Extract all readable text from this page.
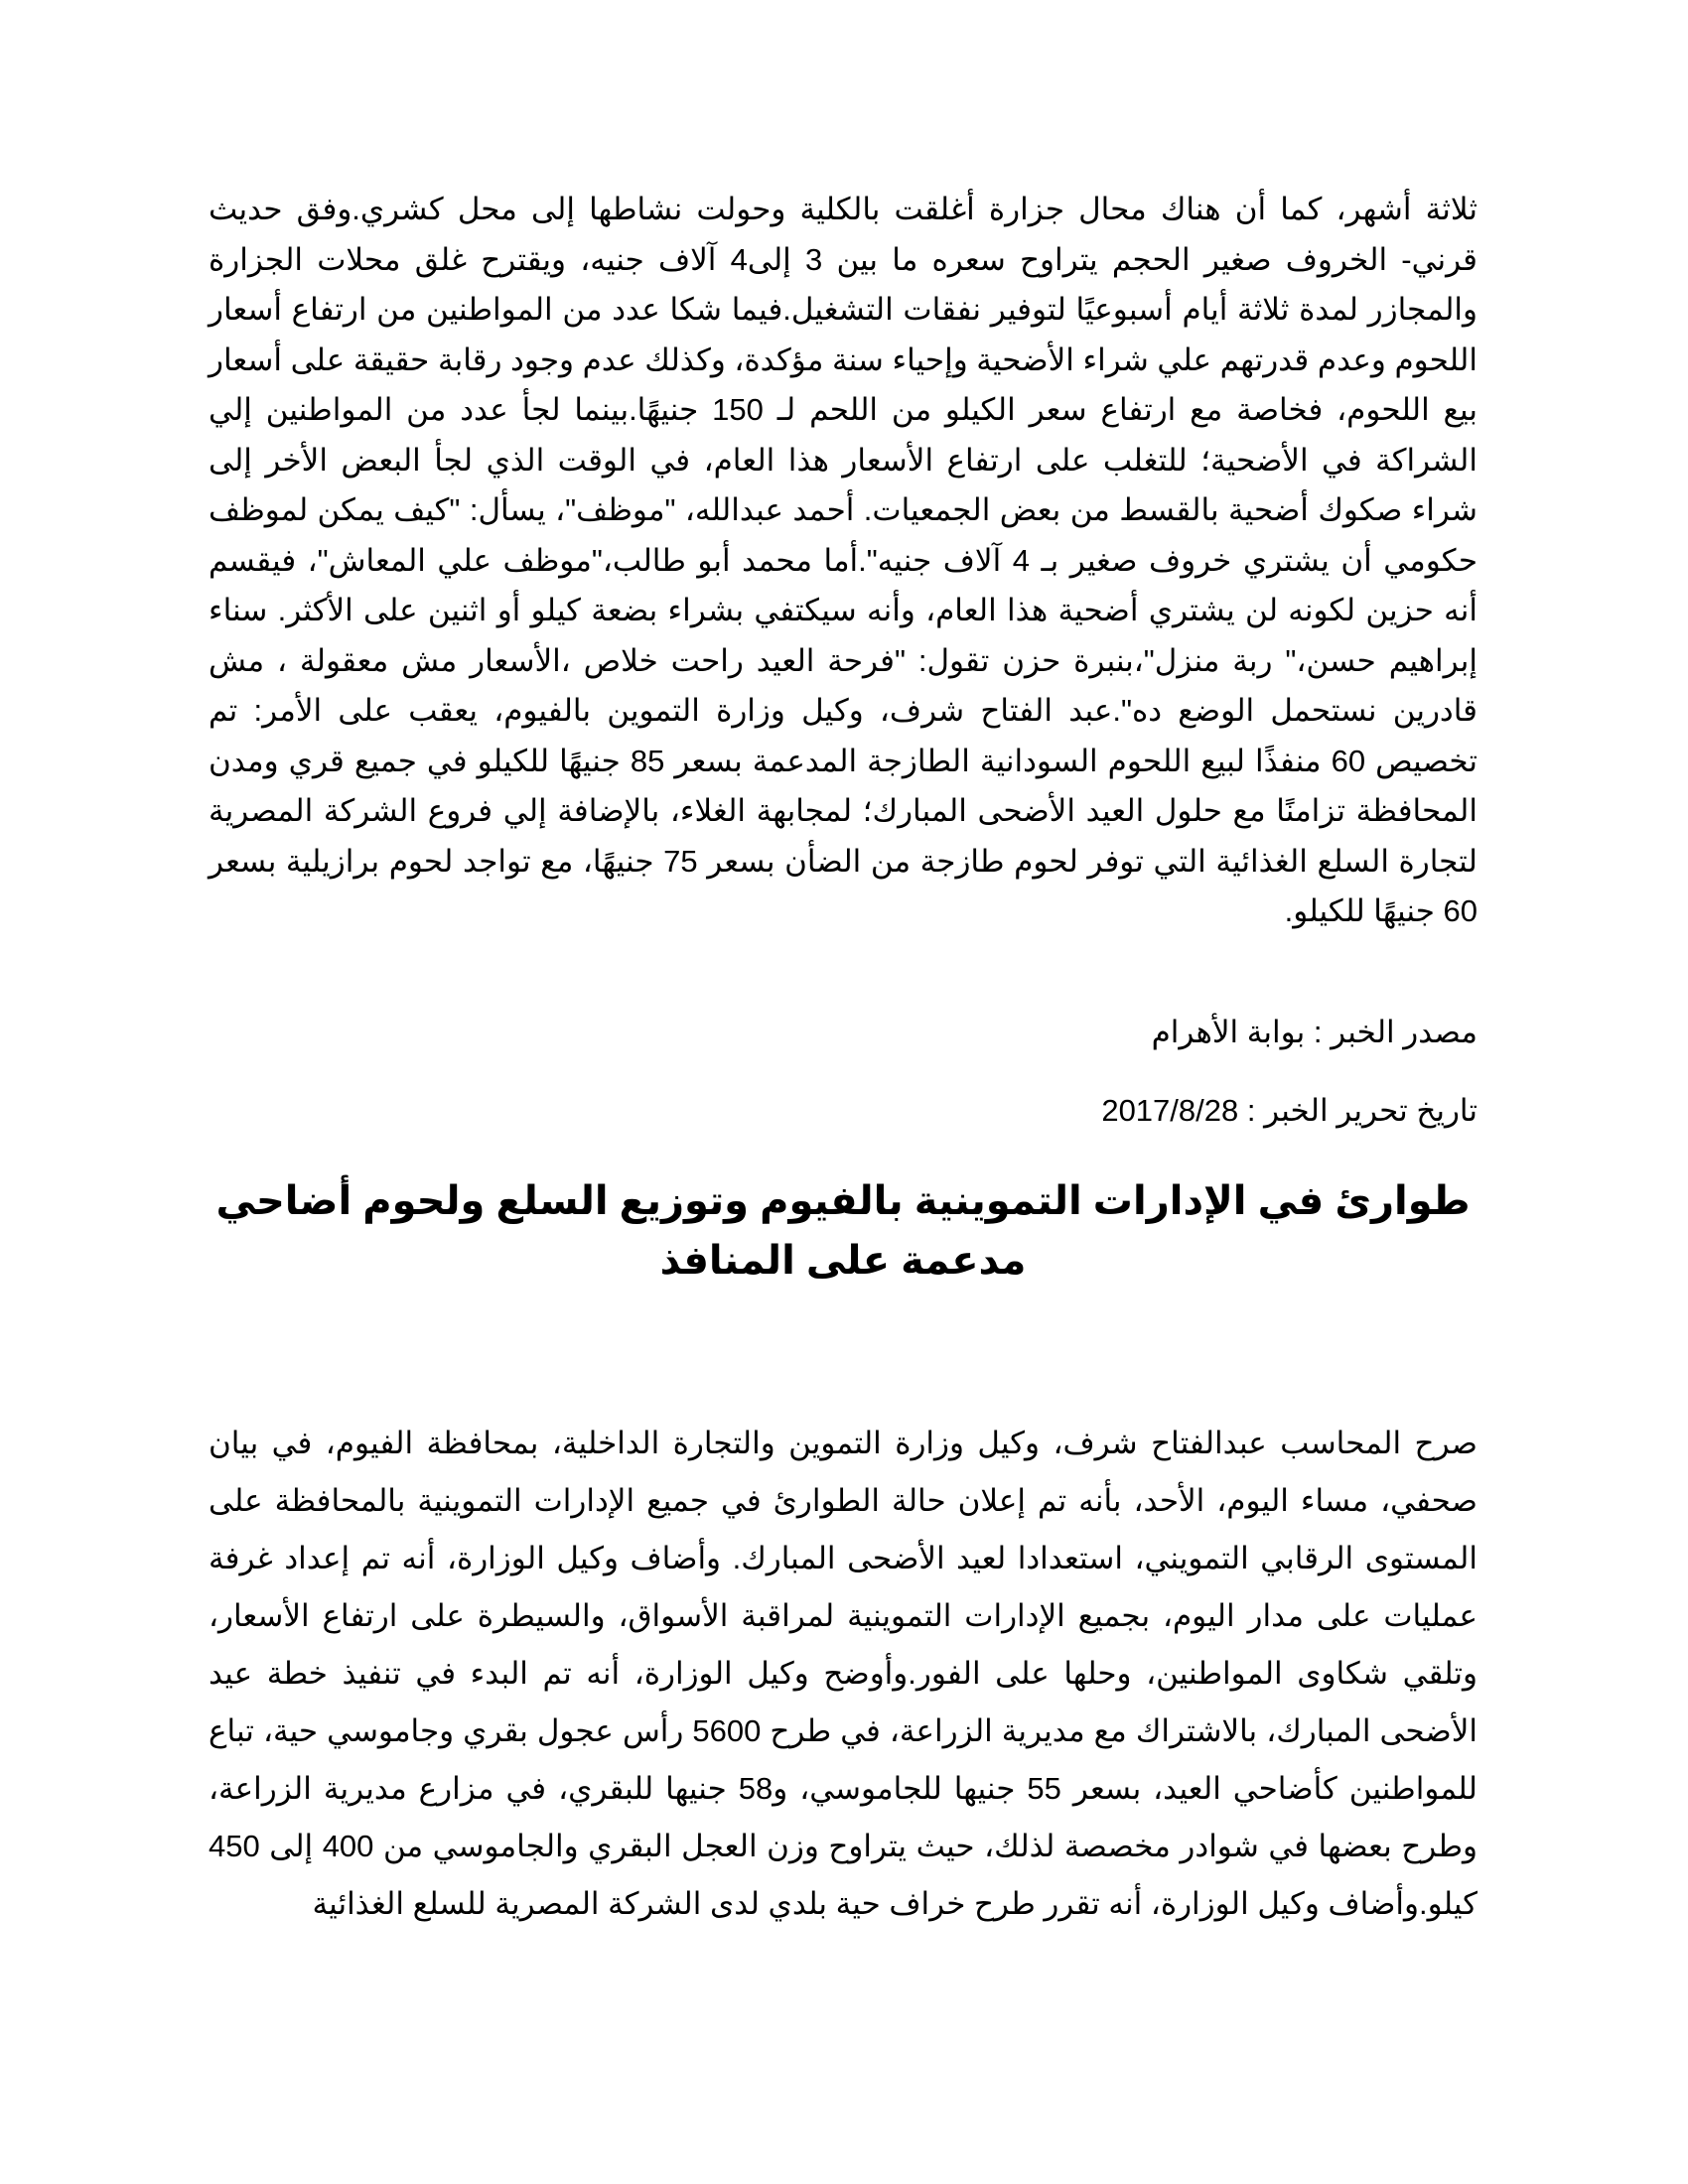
ثلاثة أشهر، كما أن هناك محال جزارة أغلقت بالكلية وحولت نشاطها إلى محل كشري.وفق حديث قرني- الخروف صغير الحجم يتراوح سعره ما بين 3 إلى4 آلاف جنيه، ويقترح غلق محلات الجزارة والمجازر لمدة ثلاثة أيام أسبوعيًا لتوفير نفقات التشغيل.فيما شكا عدد من المواطنين من ارتفاع أسعار اللحوم وعدم قدرتهم علي شراء الأضحية وإحياء سنة مؤكدة، وكذلك عدم وجود رقابة حقيقة على أسعار بيع اللحوم، فخاصة مع ارتفاع سعر الكيلو من اللحم لـ 150 جنيهًا.بينما لجأ عدد من المواطنين إلي الشراكة في الأضحية؛ للتغلب على ارتفاع الأسعار هذا العام، في الوقت الذي لجأ البعض الأخر إلى شراء صكوك أضحية بالقسط من بعض الجمعيات. أحمد عبدالله، "موظف"، يسأل: "كيف يمكن لموظف حكومي أن يشتري خروف صغير بـ 4 آلاف جنيه".أما محمد أبو طالب،"موظف علي المعاش"، فيقسم أنه حزين لكونه لن يشتري أضحية هذا العام، وأنه سيكتفي بشراء بضعة كيلو أو اثنين على الأكثر. سناء إبراهيم حسن،" ربة منزل"،بنبرة حزن تقول: "فرحة العيد راحت خلاص ،الأسعار مش معقولة ، مش قادرين نستحمل الوضع ده".عبد الفتاح شرف، وكيل وزارة التموين بالفيوم، يعقب على الأمر: تم تخصيص 60 منفذًا لبيع اللحوم السودانية الطازجة المدعمة بسعر 85 جنيهًا للكيلو في جميع قري ومدن المحافظة تزامنًا مع حلول العيد الأضحى المبارك؛ لمجابهة الغلاء، بالإضافة إلي فروع الشركة المصرية لتجارة السلع الغذائية التي توفر لحوم طازجة من الضأن بسعر 75 جنيهًا، مع تواجد لحوم برازيلية بسعر 60 جنيهًا للكيلو.

مصدر الخبر : بوابة الأهرام

تاريخ تحرير الخبر : 2017/8/28

طوارئ في الإدارات التموينية بالفيوم وتوزيع السلع ولحوم أضاحي مدعمة على المنافذ

صرح المحاسب عبدالفتاح شرف، وكيل وزارة التموين والتجارة الداخلية، بمحافظة الفيوم، في بيان صحفي، مساء اليوم، الأحد، بأنه تم إعلان حالة الطوارئ في جميع الإدارات التموينية بالمحافظة على المستوى الرقابي التمويني، استعدادا لعيد الأضحى المبارك. وأضاف وكيل الوزارة، أنه تم إعداد غرفة عمليات على مدار اليوم، بجميع الإدارات التموينية لمراقبة الأسواق، والسيطرة على ارتفاع الأسعار، وتلقي شكاوى المواطنين، وحلها على الفور.وأوضح وكيل الوزارة، أنه تم البدء في تنفيذ خطة عيد الأضحى المبارك، بالاشتراك مع مديرية الزراعة، في طرح 5600 رأس عجول بقري وجاموسي حية، تباع للمواطنين كأضاحي العيد، بسعر 55 جنيها للجاموسي، و58 جنيها للبقري، في مزارع مديرية الزراعة، وطرح بعضها في شوادر مخصصة لذلك، حيث يتراوح وزن العجل البقري والجاموسي من 400 إلى 450 كيلو.وأضاف وكيل الوزارة، أنه تقرر طرح خراف حية بلدي لدى الشركة المصرية للسلع الغذائية
